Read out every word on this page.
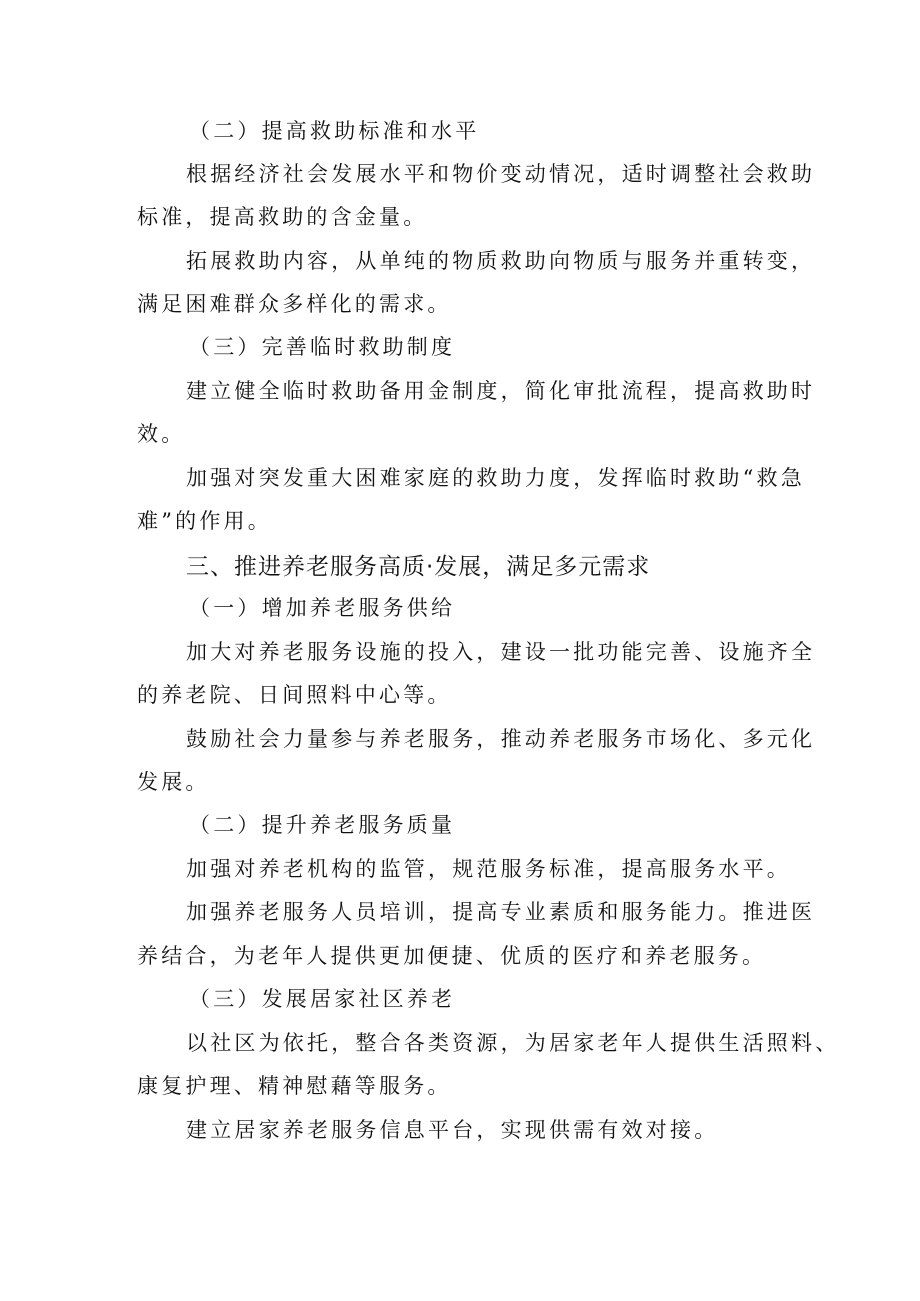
（二）提高救助标准和水平
根据经济社会发展水平和物价变动情况，适时调整社会救助
标准，提高救助的含金量。
拓展救助内容，从单纯的物质救助向物质与服务并重转变，
满足困难群众多样化的需求。
（三）完善临时救助制度
建立健全临时救助备用金制度，简化审批流程，提高救助时
效。
加强对突发重大困难家庭的救助力度，发挥临时救助“救急
难”的作用。
三、推进养老服务高质·发展，满足多元需求
（一）增加养老服务供给
加大对养老服务设施的投入，建设一批功能完善、设施齐全
的养老院、日间照料中心等。
鼓励社会力量参与养老服务，推动养老服务市场化、多元化
发展。
（二）提升养老服务质量
加强对养老机构的监管，规范服务标准，提高服务水平。
加强养老服务人员培训，提高专业素质和服务能力。推进医
养结合，为老年人提供更加便捷、优质的医疗和养老服务。
（三）发展居家社区养老
以社区为依托，整合各类资源，为居家老年人提供生活照料、
康复护理、精神慰藉等服务。
建立居家养老服务信息平台，实现供需有效对接。
